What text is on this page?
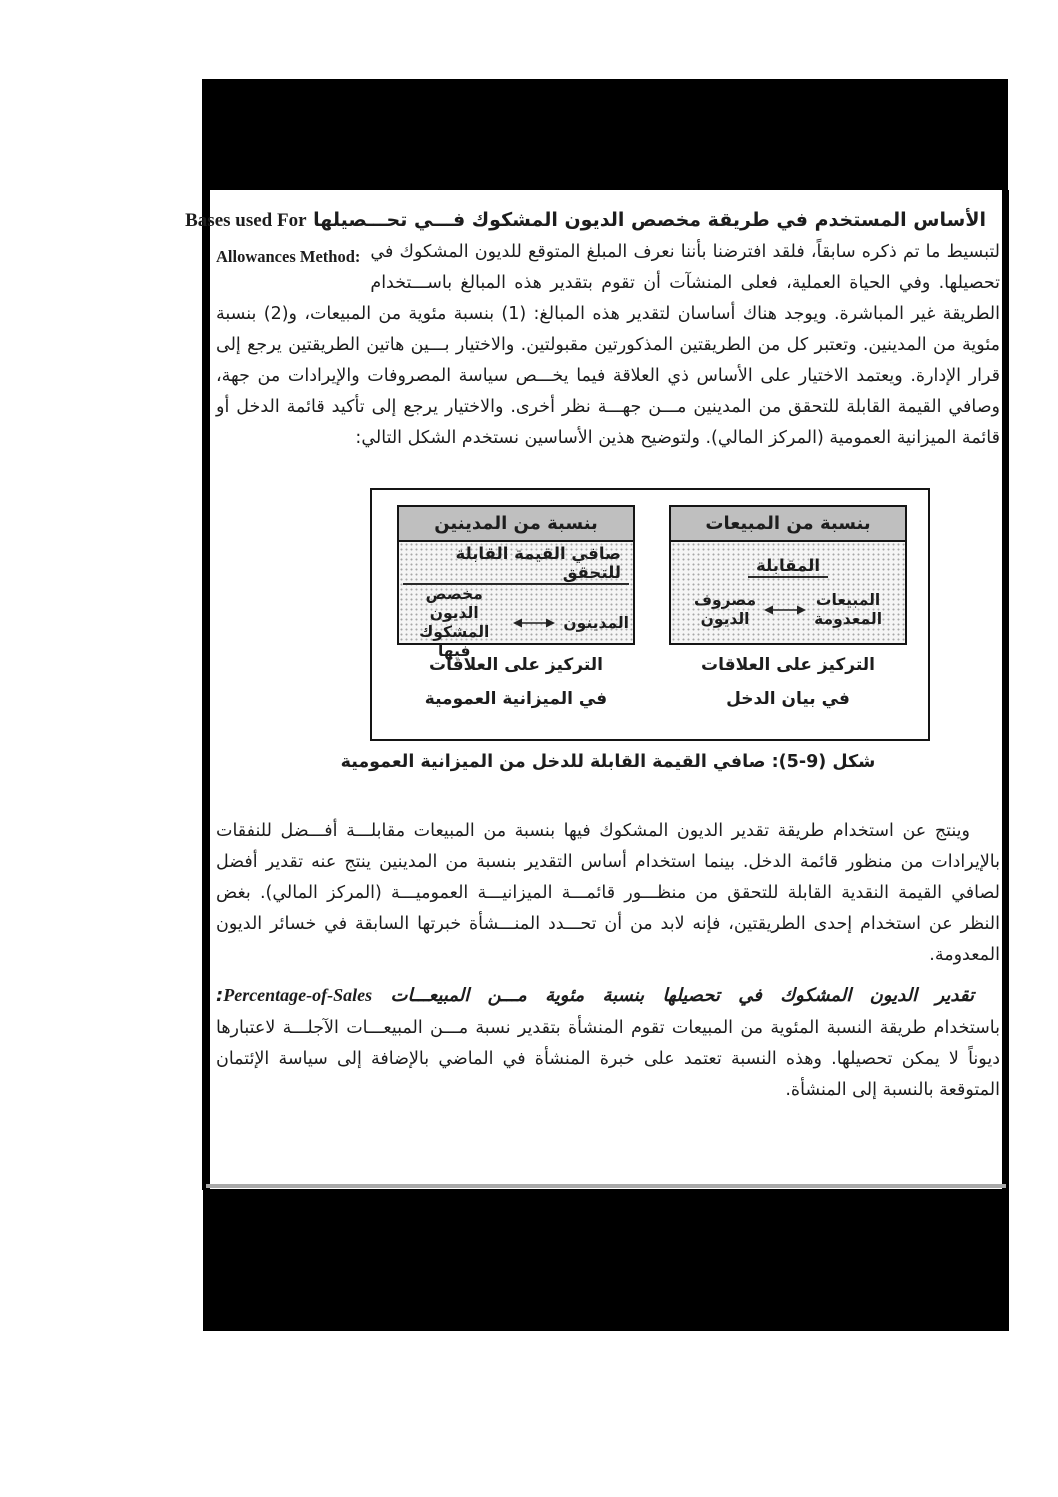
الأساس المستخدم في طريقة مخصص الديون المشكوك فـــي تحـــصيلها Bases used For
Allowances Method: لتبسيط ما تم ذكره سابقاً، فلقد افترضنا بأننا نعرف المبلغ المتوقع للديون المشكوك في تحصيلها. وفي الحياة العملية، فعلى المنشآت أن تقوم بتقدير هذه المبالغ باســـتخدام الطريقة غير المباشرة. ويوجد هناك أساسان لتقدير هذه المبالغ: (1) بنسبة مئوية من المبيعات، و(2) بنسبة مئوية من المدينين. وتعتبر كل من الطريقتين المذكورتين مقبولتين. والاختيار بـــين هاتين الطريقتين يرجع إلى قرار الإدارة. ويعتمد الاختيار على الأساس ذي العلاقة فيما يخـــص سياسة المصروفات والإيرادات من جهة، وصافي القيمة القابلة للتحقق من المدينين مـــن جهـــة نظر أخرى. والاختيار يرجع إلى تأكيد قائمة الدخل أو قائمة الميزانية العمومية (المركز المالي). ولتوضيح هذين الأساسين نستخدم الشكل التالي:
بنسبة من المبيعات
المقابلة
المبيعات
المعدومة
مصروف
الديون
بنسبة من المدينين
صافي القيمة القابلة للتحقق
المدينون
مخصص الديون
المشكوك فيها
التركيز على العلاقات
في بيان الدخل
التركيز على العلاقات
في الميزانية العمومية
شكل (9-5): صافي القيمة القابلة للدخل من الميزانية العمومية
وينتج عن استخدام طريقة تقدير الديون المشكوك فيها بنسبة من المبيعات مقابلـــة أفـــضل للنفقات بالإيرادات من منظور قائمة الدخل. بينما استخدام أساس التقدير بنسبة من المدينين ينتج عنه تقدير أفضل لصافي القيمة النقدية القابلة للتحقق من منظـــور قائمـــة الميزانيـــة العموميـــة (المركز المالي). بغض النظر عن استخدام إحدى الطريقتين، فإنه لابد من أن تحـــدد المنـــشأة خبرتها السابقة في خسائر الديون المعدومة.
تقدير الديون المشكوك في تحصيلها بنسبة مئوية مـــن المبيعـــات Percentage-of-Sales:
باستخدام طريقة النسبة المئوية من المبيعات تقوم المنشأة بتقدير نسبة مـــن المبيعـــات الآجلـــة لاعتبارها ديوناً لا يمكن تحصيلها. وهذه النسبة تعتمد على خبرة المنشأة في الماضي بالإضافة إلى سياسة الإئتمان المتوقعة بالنسبة إلى المنشأة.
